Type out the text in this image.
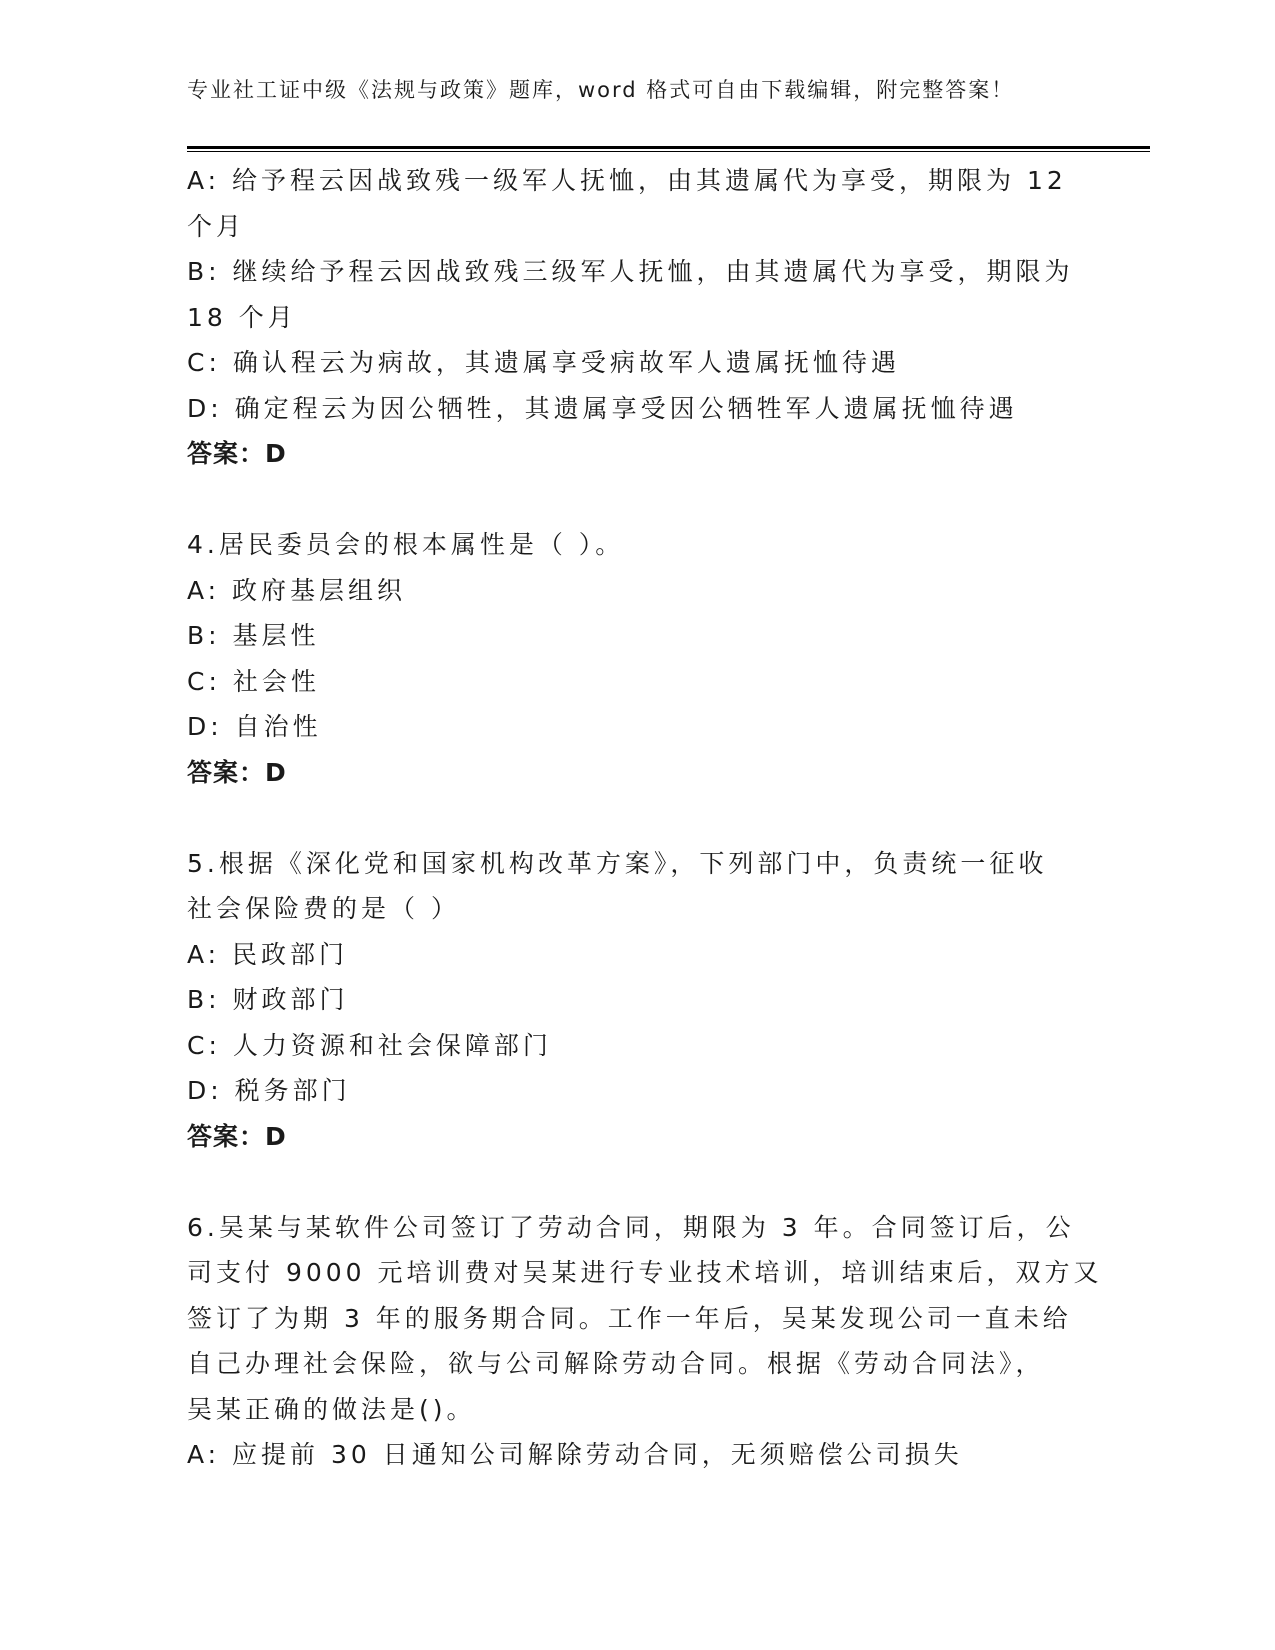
专业社工证中级《法规与政策》题库，word 格式可自由下载编辑，附完整答案！
A: 给予程云因战致残一级军人抚恤，由其遗属代为享受，期限为 12
个月
B: 继续给予程云因战致残三级军人抚恤，由其遗属代为享受，期限为
18 个月
C: 确认程云为病故，其遗属享受病故军人遗属抚恤待遇
D: 确定程云为因公牺牲，其遗属享受因公牺牲军人遗属抚恤待遇
答案：D
4.居民委员会的根本属性是（ ）。
A: 政府基层组织
B: 基层性
C: 社会性
D: 自治性
答案：D
5.根据《深化党和国家机构改革方案》，下列部门中，负责统一征收
社会保险费的是（ ）
A: 民政部门
B: 财政部门
C: 人力资源和社会保障部门
D: 税务部门
答案：D
6.吴某与某软件公司签订了劳动合同，期限为 3 年。合同签订后，公
司支付 9000 元培训费对吴某进行专业技术培训，培训结束后，双方又
签订了为期 3 年的服务期合同。工作一年后，吴某发现公司一直未给
自己办理社会保险，欲与公司解除劳动合同。根据《劳动合同法》，
吴某正确的做法是()。
A: 应提前 30 日通知公司解除劳动合同，无须赔偿公司损失
